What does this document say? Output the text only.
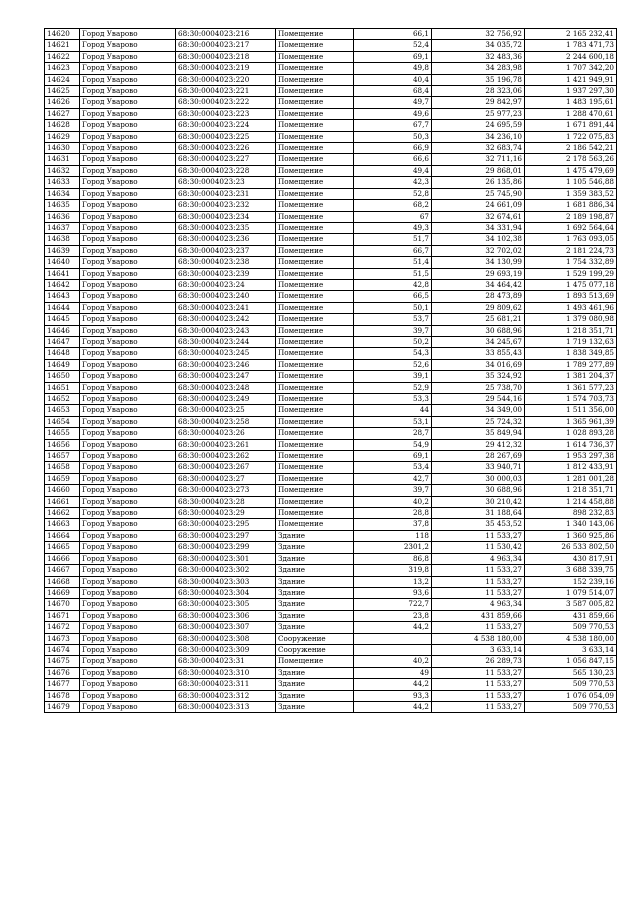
14620	Город Уварово	68:30:0004023:216	Помещение	66,1	32 756,92	2 165 232,41
14621	Город Уварово	68:30:0004023:217	Помещение	52,4	34 035,72	1 783 471,73
14622	Город Уварово	68:30:0004023:218	Помещение	69,1	32 483,36	2 244 600,18
14623	Город Уварово	68:30:0004023:219	Помещение	49,8	34 283,98	1 707 342,20
14624	Город Уварово	68:30:0004023:220	Помещение	40,4	35 196,78	1 421 949,91
14625	Город Уварово	68:30:0004023:221	Помещение	68,4	28 323,06	1 937 297,30
14626	Город Уварово	68:30:0004023:222	Помещение	49,7	29 842,97	1 483 195,61
14627	Город Уварово	68:30:0004023:223	Помещение	49,6	25 977,23	1 288 470,61
14628	Город Уварово	68:30:0004023:224	Помещение	67,7	24 695,59	1 671 891,44
14629	Город Уварово	68:30:0004023:225	Помещение	50,3	34 236,10	1 722 075,83
14630	Город Уварово	68:30:0004023:226	Помещение	66,9	32 683,74	2 186 542,21
14631	Город Уварово	68:30:0004023:227	Помещение	66,6	32 711,16	2 178 563,26
14632	Город Уварово	68:30:0004023:228	Помещение	49,4	29 868,01	1 475 479,69
14633	Город Уварово	68:30:0004023:23	Помещение	42,3	26 135,86	1 105 546,88
14634	Город Уварово	68:30:0004023:231	Помещение	52,8	25 745,90	1 359 383,52
14635	Город Уварово	68:30:0004023:232	Помещение	68,2	24 661,09	1 681 886,34
14636	Город Уварово	68:30:0004023:234	Помещение	67	32 674,61	2 189 198,87
14637	Город Уварово	68:30:0004023:235	Помещение	49,3	34 331,94	1 692 564,64
14638	Город Уварово	68:30:0004023:236	Помещение	51,7	34 102,38	1 763 093,05
14639	Город Уварово	68:30:0004023:237	Помещение	66,7	32 702,02	2 181 224,73
14640	Город Уварово	68:30:0004023:238	Помещение	51,4	34 130,99	1 754 332,89
14641	Город Уварово	68:30:0004023:239	Помещение	51,5	29 693,19	1 529 199,29
14642	Город Уварово	68:30:0004023:24	Помещение	42,8	34 464,42	1 475 077,18
14643	Город Уварово	68:30:0004023:240	Помещение	66,5	28 473,89	1 893 513,69
14644	Город Уварово	68:30:0004023:241	Помещение	50,1	29 809,62	1 493 461,96
14645	Город Уварово	68:30:0004023:242	Помещение	53,7	25 681,21	1 379 080,98
14646	Город Уварово	68:30:0004023:243	Помещение	39,7	30 688,96	1 218 351,71
14647	Город Уварово	68:30:0004023:244	Помещение	50,2	34 245,67	1 719 132,63
14648	Город Уварово	68:30:0004023:245	Помещение	54,3	33 855,43	1 838 349,85
14649	Город Уварово	68:30:0004023:246	Помещение	52,6	34 016,69	1 789 277,89
14650	Город Уварово	68:30:0004023:247	Помещение	39,1	35 324,92	1 381 204,37
14651	Город Уварово	68:30:0004023:248	Помещение	52,9	25 738,70	1 361 577,23
14652	Город Уварово	68:30:0004023:249	Помещение	53,3	29 544,16	1 574 703,73
14653	Город Уварово	68:30:0004023:25	Помещение	44	34 349,00	1 511 356,00
14654	Город Уварово	68:30:0004023:258	Помещение	53,1	25 724,32	1 365 961,39
14655	Город Уварово	68:30:0004023:26	Помещение	28,7	35 849,94	1 028 893,28
14656	Город Уварово	68:30:0004023:261	Помещение	54,9	29 412,32	1 614 736,37
14657	Город Уварово	68:30:0004023:262	Помещение	69,1	28 267,69	1 953 297,38
14658	Город Уварово	68:30:0004023:267	Помещение	53,4	33 940,71	1 812 433,91
14659	Город Уварово	68:30:0004023:27	Помещение	42,7	30 000,03	1 281 001,28
14660	Город Уварово	68:30:0004023:273	Помещение	39,7	30 688,96	1 218 351,71
14661	Город Уварово	68:30:0004023:28	Помещение	40,2	30 210,42	1 214 458,88
14662	Город Уварово	68:30:0004023:29	Помещение	28,8	31 188,64	898 232,83
14663	Город Уварово	68:30:0004023:295	Помещение	37,8	35 453,52	1 340 143,06
14664	Город Уварово	68:30:0004023:297	Здание	118	11 533,27	1 360 925,86
14665	Город Уварово	68:30:0004023:299	Здание	2301,2	11 530,42	26 533 802,50
14666	Город Уварово	68:30:0004023:301	Здание	86,8	4 963,34	430 817,91
14667	Город Уварово	68:30:0004023:302	Здание	319,8	11 533,27	3 688 339,75
14668	Город Уварово	68:30:0004023:303	Здание	13,2	11 533,27	152 239,16
14669	Город Уварово	68:30:0004023:304	Здание	93,6	11 533,27	1 079 514,07
14670	Город Уварово	68:30:0004023:305	Здание	722,7	4 963,34	3 587 005,82
14671	Город Уварово	68:30:0004023:306	Здание	23,8	431 859,66	431 859,66
14672	Город Уварово	68:30:0004023:307	Здание	44,2	11 533,27	509 770,53
14673	Город Уварово	68:30:0004023:308	Сооружение		4 538 180,00	4 538 180,00
14674	Город Уварово	68:30:0004023:309	Сооружение		3 633,14	3 633,14
14675	Город Уварово	68:30:0004023:31	Помещение	40,2	26 289,73	1 056 847,15
14676	Город Уварово	68:30:0004023:310	Здание	49	11 533,27	565 130,23
14677	Город Уварово	68:30:0004023:311	Здание	44,2	11 533,27	509 770,53
14678	Город Уварово	68:30:0004023:312	Здание	93,3	11 533,27	1 076 054,09
14679	Город Уварово	68:30:0004023:313	Здание	44,2	11 533,27	509 770,53
